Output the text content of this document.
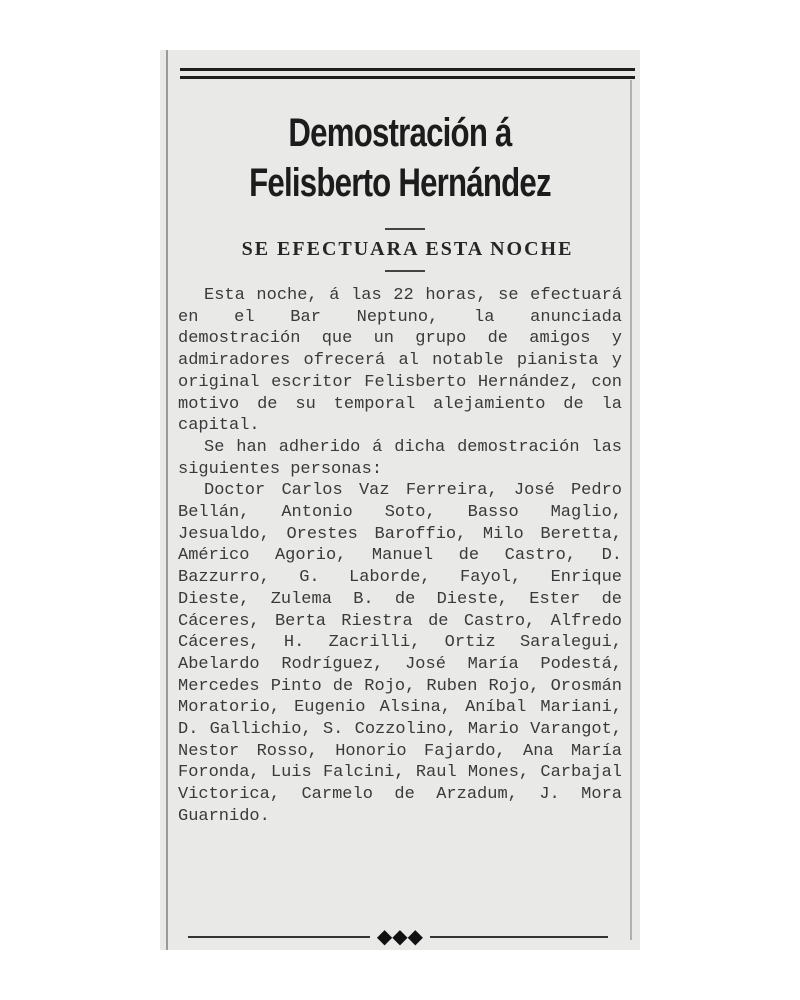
Demostración á Felisberto Hernández
SE EFECTUARA ESTA NOCHE

Esta noche, á las 22 horas, se efectuará en el Bar Neptuno, la anunciada demostración que un grupo de amigos y admiradores ofrecerá al notable pianista y original escritor Felisberto Hernández, con motivo de su temporal alejamiento de la capital.

Se han adherido á dicha demostración las siguientes personas:

Doctor Carlos Vaz Ferreira, José Pedro Bellán, Antonio Soto, Basso Maglio, Jesualdo, Orestes Baroffio, Milo Beretta, Américo Agorio, Manuel de Castro, D. Bazzurro, G. Laborde, Fayol, Enrique Dieste, Zulema B. de Dieste, Ester de Cáceres, Berta Riestra de Castro, Alfredo Cáceres, H. Zacrilli, Ortiz Saralegui, Abelardo Rodríguez, José María Podestá, Mercedes Pinto de Rojo, Ruben Rojo, Orosmán Moratorio, Eugenio Alsina, Aníbal Mariani, D. Gallichio, S. Cozzolino, Mario Varangot, Nestor Rosso, Honorio Fajardo, Ana María Foronda, Luis Falcini, Raul Mones, Carbajal Victorica, Carmelo de Arzadum, J. Mora Guarnido.

◆◆◆
